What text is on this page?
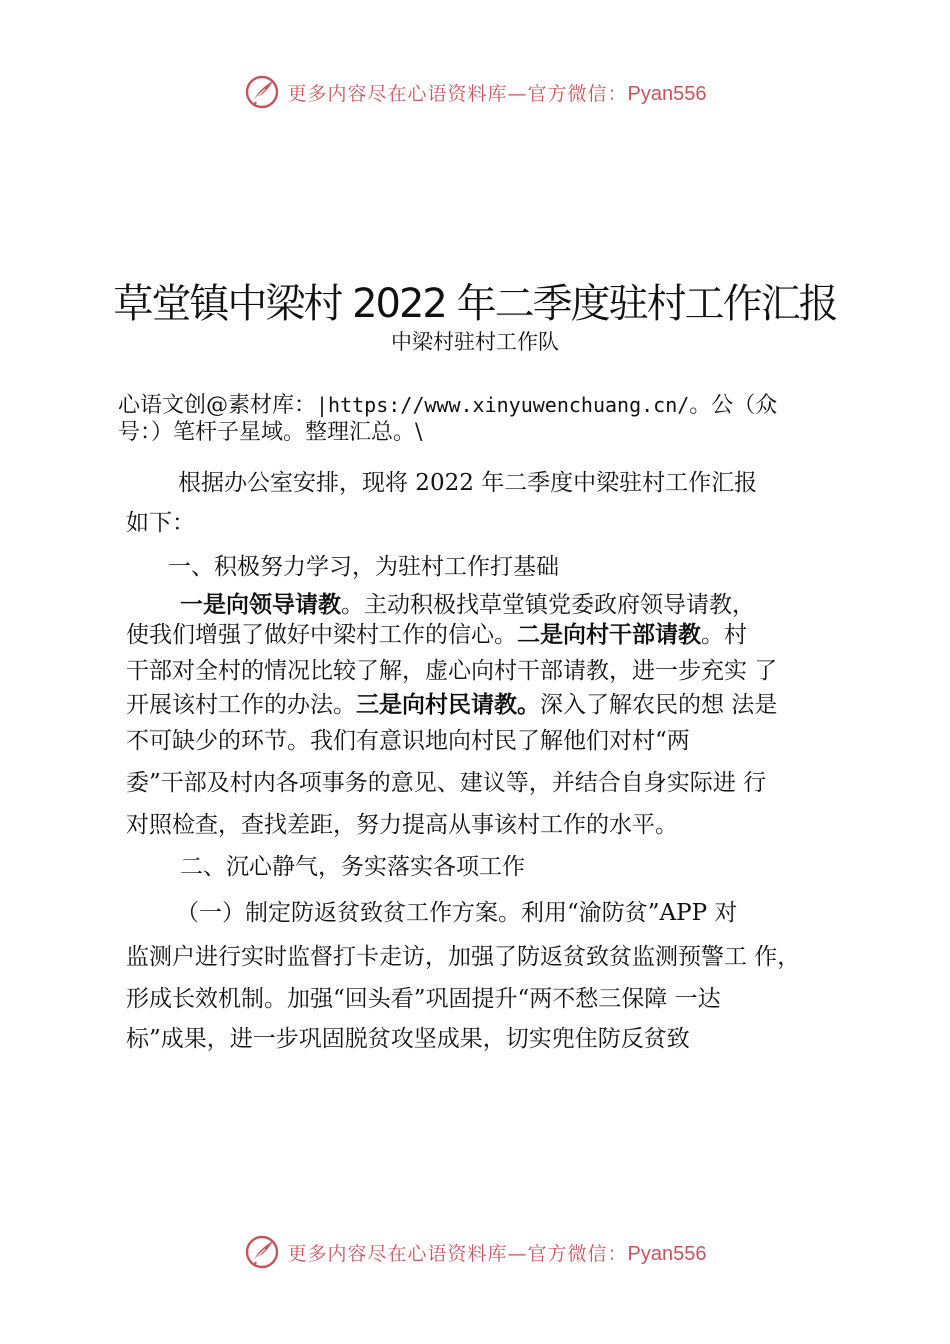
更多内容尽在心语资料库—官方微信：Pyan556
草堂镇中梁村 2022 年二季度驻村工作汇报
中梁村驻村工作队
心语文创@素材库：|https://www.xinyuwenchuang.cn/。公（众
号：）笔杆子星域。整理汇总。\
根据办公室安排，现将 2022 年二季度中梁驻村工作汇报
如下：
一、积极努力学习，为驻村工作打基础
一是向领导请教。主动积极找草堂镇党委政府领导请教，
使我们增强了做好中梁村工作的信心。二是向村干部请教。村
干部对全村的情况比较了解，虚心向村干部请教，进一步充实 了
开展该村工作的办法。三是向村民请教。深入了解农民的想 法是
不可缺少的环节。我们有意识地向村民了解他们对村“两
委”干部及村内各项事务的意见、建议等，并结合自身实际进 行
对照检查，查找差距，努力提高从事该村工作的水平。
二、沉心静气，务实落实各项工作
（一）制定防返贫致贫工作方案。利用“渝防贫”APP 对
监测户进行实时监督打卡走访，加强了防返贫致贫监测预警工 作，
形成长效机制。加强“回头看”巩固提升“两不愁三保障 一达
标”成果，进一步巩固脱贫攻坚成果，切实兜住防反贫致
更多内容尽在心语资料库—官方微信：Pyan556
